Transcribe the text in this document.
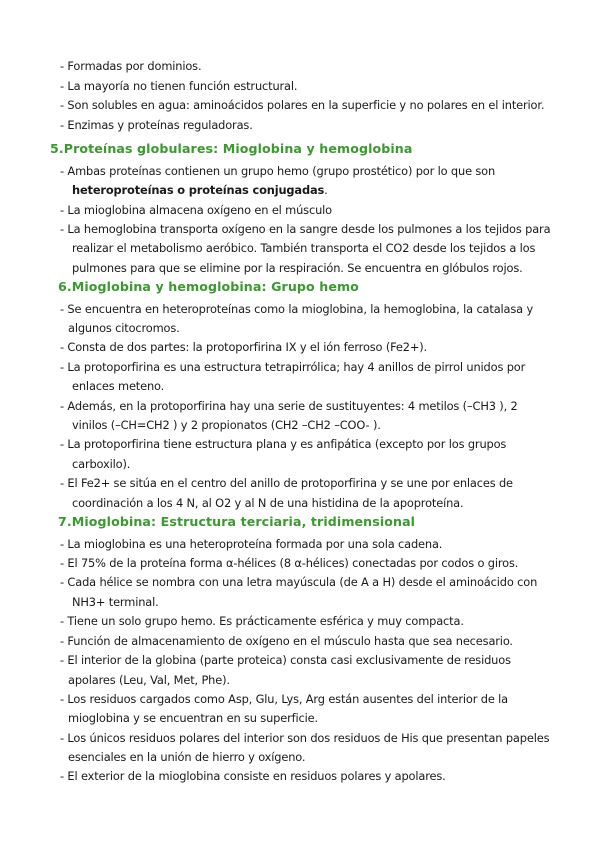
- Formadas por dominios.
- La mayoría no tienen función estructural.
- Son solubles en agua: aminoácidos polares en la superficie y no polares en el interior.
- Enzimas y proteínas reguladoras.
5.Proteínas globulares: Mioglobina y hemoglobina
- Ambas proteínas contienen un grupo hemo (grupo prostético) por lo que son
heteroproteínas o proteínas conjugadas.
- La mioglobina almacena oxígeno en el músculo
- La hemoglobina transporta oxígeno en la sangre desde los pulmones a los tejidos para
realizar el metabolismo aeróbico. También transporta el CO2 desde los tejidos a los
pulmones para que se elimine por la respiración. Se encuentra en glóbulos rojos.
6.Mioglobina y hemoglobina: Grupo hemo
- Se encuentra en heteroproteínas como la mioglobina, la hemoglobina, la catalasa y
algunos citocromos.
- Consta de dos partes: la protoporfirina IX y el ión ferroso (Fe2+).
- La protoporfirina es una estructura tetrapirrólica; hay 4 anillos de pirrol unidos por
enlaces meteno.
- Además, en la protoporfirina hay una serie de sustituyentes: 4 metilos (–CH3 ), 2
vinilos (–CH=CH2 ) y 2 propionatos (CH2 –CH2 –COO- ).
- La protoporfirina tiene estructura plana y es anfipática (excepto por los grupos
carboxilo).
- El Fe2+ se sitúa en el centro del anillo de protoporfirina y se une por enlaces de
coordinación a los 4 N, al O2 y al N de una histidina de la apoproteína.
7.Mioglobina: Estructura terciaria, tridimensional
- La mioglobina es una heteroproteína formada por una sola cadena.
- El 75% de la proteína forma α-hélices (8 α-hélices) conectadas por codos o giros.
- Cada hélice se nombra con una letra mayúscula (de A a H) desde el aminoácido con
NH3+ terminal.
- Tiene un solo grupo hemo. Es prácticamente esférica y muy compacta.
- Función de almacenamiento de oxígeno en el músculo hasta que sea necesario.
- El interior de la globina (parte proteica) consta casi exclusivamente de residuos
apolares (Leu, Val, Met, Phe).
- Los residuos cargados como Asp, Glu, Lys, Arg están ausentes del interior de la
mioglobina y se encuentran en su superficie.
- Los únicos residuos polares del interior son dos residuos de His que presentan papeles
esenciales en la unión de hierro y oxígeno.
- El exterior de la mioglobina consiste en residuos polares y apolares.
